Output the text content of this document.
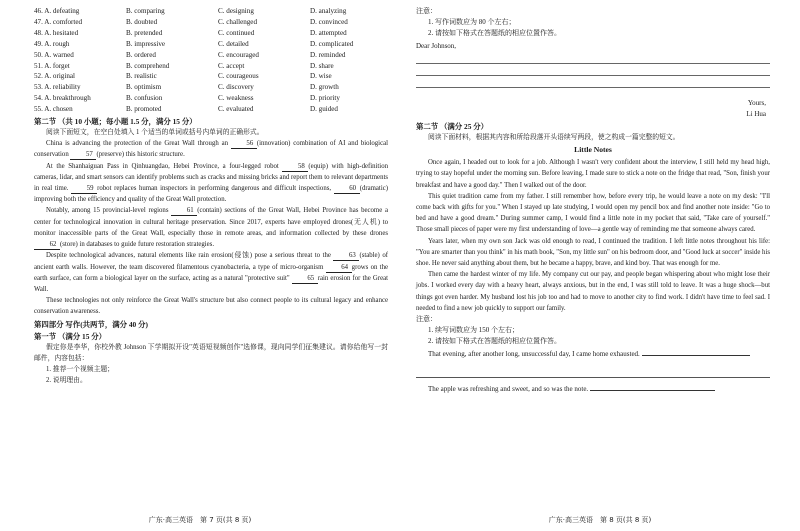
46. A. defeating	B. comparing	C. designing	D. analyzing
47. A. comforted	B. doubted	C. challenged	D. convinced
48. A. hesitated	B. pretended	C. continued	D. attempted
49. A. rough	B. impressive	C. detailed	D. complicated
50. A. warned	B. ordered	C. encouraged	D. reminded
51. A. forget	B. comprehend	C. accept	D. share
52. A. original	B. realistic	C. courageous	D. wise
53. A. reliability	B. optimism	C. discovery	D. growth
54. A. breakthrough	B. confusion	C. weakness	D. priority
55. A. chosen	B. promoted	C. evaluated	D. guided
第二节 （共 10 小题；每小题 1.5 分，满分 15 分）

阅读下面短文，在空白处填入 1 个适当的单词或括号内单词的正确形式。

China is advancing the protection of the Great Wall through an 56 (innovation) combination of AI and biological conservation 57 (preserve) this historic structure.

At the Shanhaiguan Pass in Qinhuangdao, Hebei Province, a four-legged robot 58 (equip) with high-definition cameras, lidar, and smart sensors can identify problems such as cracks and missing bricks and report them to relevant departments in real time. 59 robot replaces human inspectors in performing dangerous and difficult inspections, 60 (dramatic) improving both the efficiency and quality of the Great Wall protection.

Notably, among 15 provincial-level regions 61 (contain) sections of the Great Wall, Hebei Province has become a center for technological innovation in cultural heritage preservation. Since 2017, experts have employed drones(无人机) to monitor inaccessible parts of the Great Wall, especially those in remote areas, and information collected by these drones 62 (store) in databases to guide future restoration strategies.

Despite technological advances, natural elements like rain erosion(侵蚀) pose a serious threat to the 63 (stable) of ancient earth walls. However, the team discovered filamentous cyanobacteria, a type of micro-organism 64 grows on the earth surface, can form a biological layer on the surface, acting as a natural "protective suit" 65 rain erosion for the Great Wall.

These technologies not only reinforce the Great Wall's structure but also connect people to its cultural legacy and enhance conservation awareness.

第四部分 写作(共两节，满分 40 分)
第一节 （满分 15 分）

假定你是李华，你校外教 Johnson 下学期拟开设"英语短视频创作"选修课，现向同学们征集建议。请你给他写一封邮件，内容包括：

1. 推荐一个视频主题；

2. 说明理由。

广东·高三英语　第 7 页(共 8 页)
注意：
1. 写作词数应为 80 个左右；
2. 请按如下格式在答题纸的相应位置作答。
Dear Johnson,
Yours,
Li Hua
第二节 （满分 25 分）

阅读下面材料，根据其内容和所给段落开头语续写两段，使之构成一篇完整的短文。

Little Notes

Once again, I headed out to look for a job. Although I wasn't very confident about the interview, I still held my head high, trying to stay hopeful under the morning sun. Before leaving, I made sure to stick a note on the fridge that read, "Son, finish your breakfast and have a good day." Then I walked out of the door.

This quiet tradition came from my father. I still remember how, before every trip, he would leave a note on my desk: "I'll come back with gifts for you." When I stayed up late studying, I would open my pencil box and find another note inside: "Go to bed and have a good dream." During summer camp, I would find a little note in my pocket that said, "Take care of yourself." Those small pieces of paper were my first understanding of love—a gentle way of reminding me that someone always cared.

Years later, when my own son Jack was old enough to read, I continued the tradition. I left little notes throughout his life: "You are smarter than you think" in his math book, "Son, my little sun" on his bedroom door, and "Good luck at soccer" inside his shoe. He never said anything about them, but he became a happy, brave, and kind boy. That was enough for me.

Then came the hardest winter of my life. My company cut our pay, and people began whispering about who might lose their jobs. I worked every day with a heavy heart, always anxious, but in the end, I was still told to leave. It was a huge shock—but things got even harder. My husband lost his job too and had to move to another city to find work. I didn't have time to feel sad. I needed to find a new job quickly to support our family.

注意：
1. 续写词数应为 150 个左右；
2. 请按如下格式在答题纸的相应位置作答。
That evening, after another long, unsuccessful day, I came home exhausted.
The apple was refreshing and sweet, and so was the note.
广东·高三英语　第 8 页(共 8 页)
